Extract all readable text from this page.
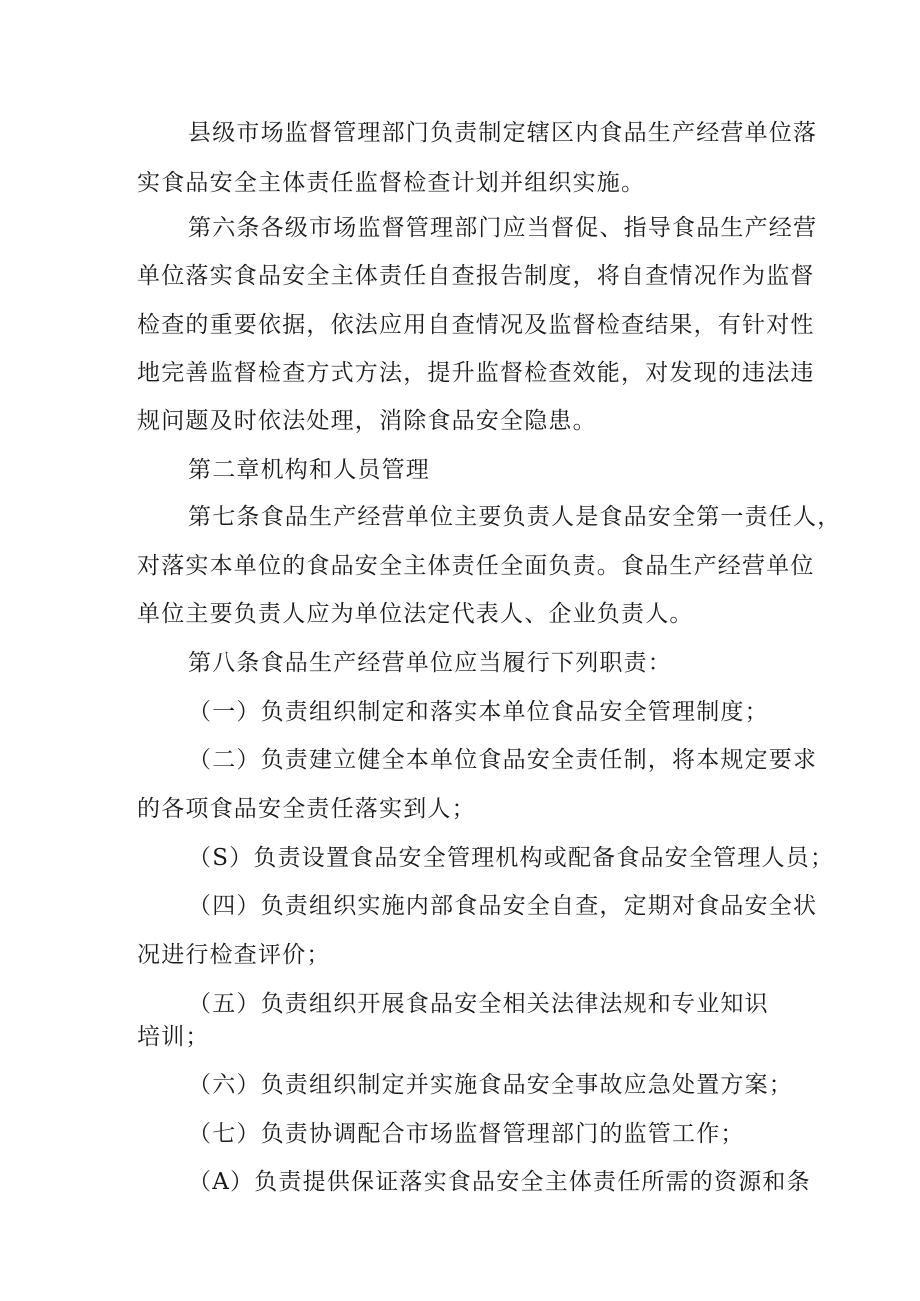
县级市场监督管理部门负责制定辖区内食品生产经营单位落
实食品安全主体责任监督检查计划并组织实施。
第六条各级市场监督管理部门应当督促、指导食品生产经营
单位落实食品安全主体责任自查报告制度，将自查情况作为监督
检查的重要依据，依法应用自查情况及监督检查结果，有针对性
地完善监督检查方式方法，提升监督检查效能，对发现的违法违
规问题及时依法处理，消除食品安全隐患。
第二章机构和人员管理
第七条食品生产经营单位主要负责人是食品安全第一责任人，
对落实本单位的食品安全主体责任全面负责。食品生产经营单位
单位主要负责人应为单位法定代表人、企业负责人。
第八条食品生产经营单位应当履行下列职责：
（一）负责组织制定和落实本单位食品安全管理制度；
（二）负责建立健全本单位食品安全责任制，将本规定要求
的各项食品安全责任落实到人；
（S）负责设置食品安全管理机构或配备食品安全管理人员；
（四）负责组织实施内部食品安全自查，定期对食品安全状
况进行检查评价；
（五）负责组织开展食品安全相关法律法规和专业知识
培训；
（六）负责组织制定并实施食品安全事故应急处置方案；
（七）负责协调配合市场监督管理部门的监管工作；
（A）负责提供保证落实食品安全主体责任所需的资源和条
